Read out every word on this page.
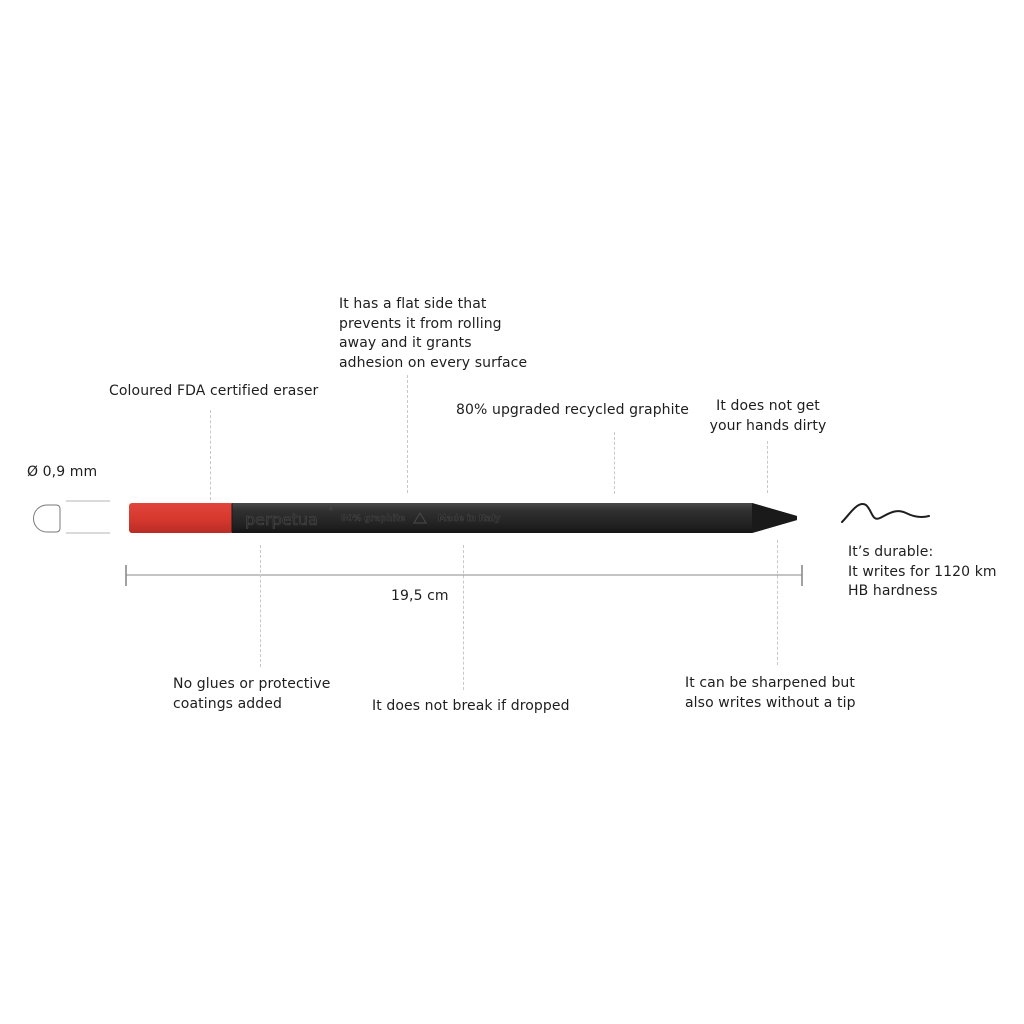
perpetua
®
80% graphite	Made in Italy
Ø 0,9 mm
Coloured FDA certified eraser
It has a flat side that
prevents it from rolling
away and it grants
adhesion on every surface
80% upgraded recycled graphite	It does not get
your hands dirty
It’s durable:
It writes for 1120 km
HB hardness
19,5 cm
No glues or protective
coatings added	It does not break if dropped
It can be sharpened but
also writes without a tip
